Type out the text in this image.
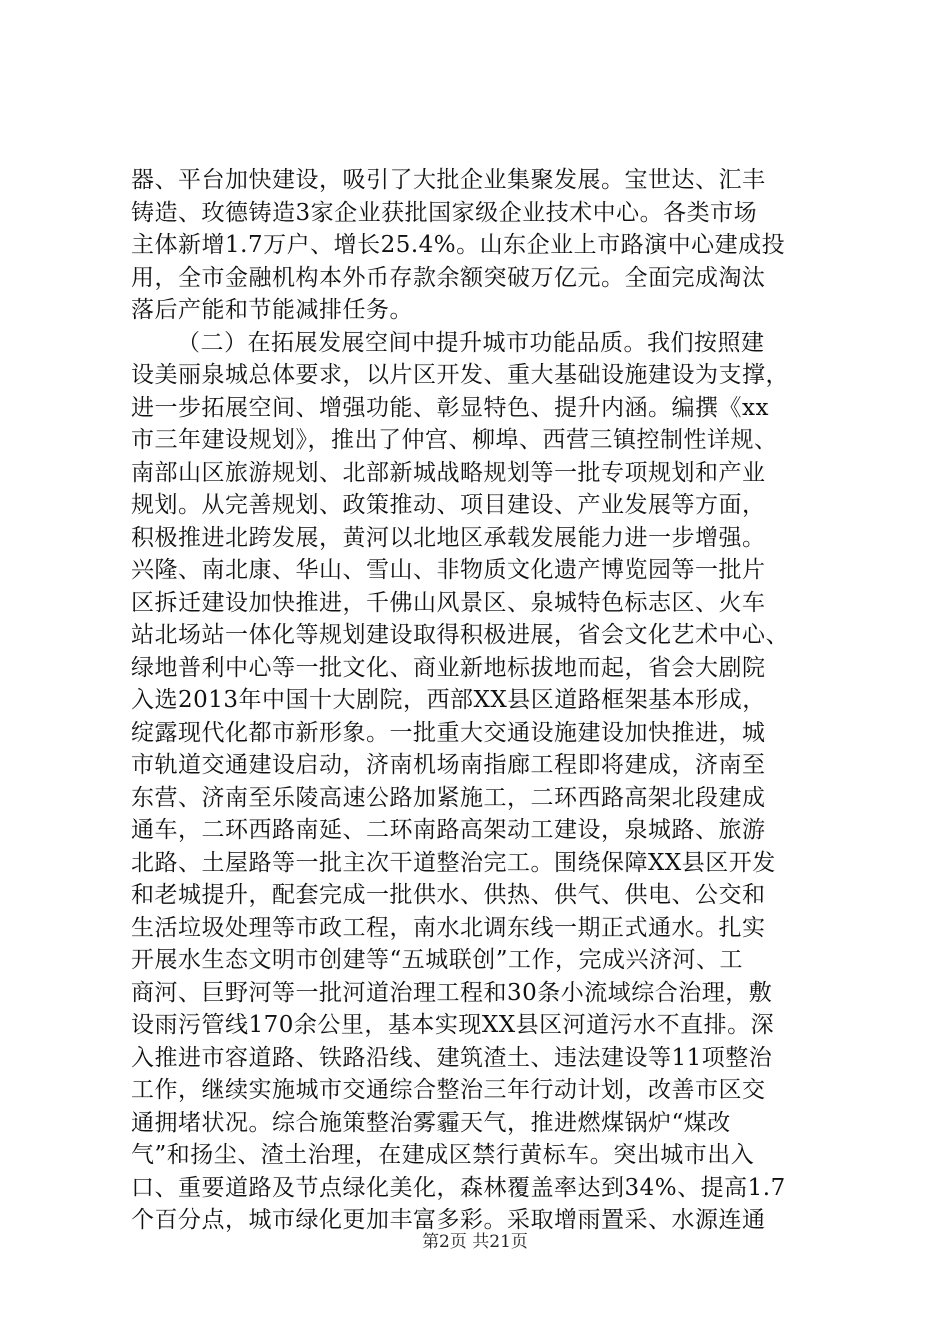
器、平台加快建设，吸引了大批企业集聚发展。宝世达、汇丰
铸造、玫德铸造3家企业获批国家级企业技术中心。各类市场
主体新增1.7万户、增长25.4%。山东企业上市路演中心建成投
用，全市金融机构本外币存款余额突破万亿元。全面完成淘汰
落后产能和节能减排任务。
（二）在拓展发展空间中提升城市功能品质。我们按照建
设美丽泉城总体要求，以片区开发、重大基础设施建设为支撑，
进一步拓展空间、增强功能、彰显特色、提升内涵。编撰《xx
市三年建设规划》，推出了仲宫、柳埠、西营三镇控制性详规、
南部山区旅游规划、北部新城战略规划等一批专项规划和产业
规划。从完善规划、政策推动、项目建设、产业发展等方面，
积极推进北跨发展，黄河以北地区承载发展能力进一步增强。
兴隆、南北康、华山、雪山、非物质文化遗产博览园等一批片
区拆迁建设加快推进，千佛山风景区、泉城特色标志区、火车
站北场站一体化等规划建设取得积极进展，省会文化艺术中心、
绿地普利中心等一批文化、商业新地标拔地而起，省会大剧院
入选2013年中国十大剧院，西部XX县区道路框架基本形成，
绽露现代化都市新形象。一批重大交通设施建设加快推进，城
市轨道交通建设启动，济南机场南指廊工程即将建成，济南至
东营、济南至乐陵高速公路加紧施工，二环西路高架北段建成
通车，二环西路南延、二环南路高架动工建设，泉城路、旅游
北路、土屋路等一批主次干道整治完工。围绕保障XX县区开发
和老城提升，配套完成一批供水、供热、供气、供电、公交和
生活垃圾处理等市政工程，南水北调东线一期正式通水。扎实
开展水生态文明市创建等“五城联创”工作，完成兴济河、工
商河、巨野河等一批河道治理工程和30条小流域综合治理，敷
设雨污管线170余公里，基本实现XX县区河道污水不直排。深
入推进市容道路、铁路沿线、建筑渣土、违法建设等11项整治
工作，继续实施城市交通综合整治三年行动计划，改善市区交
通拥堵状况。综合施策整治雾霾天气，推进燃煤锅炉“煤改
气”和扬尘、渣土治理，在建成区禁行黄标车。突出城市出入
口、重要道路及节点绿化美化，森林覆盖率达到34%、提高1.7
个百分点，城市绿化更加丰富多彩。采取增雨置采、水源连通
第2页 共21页
